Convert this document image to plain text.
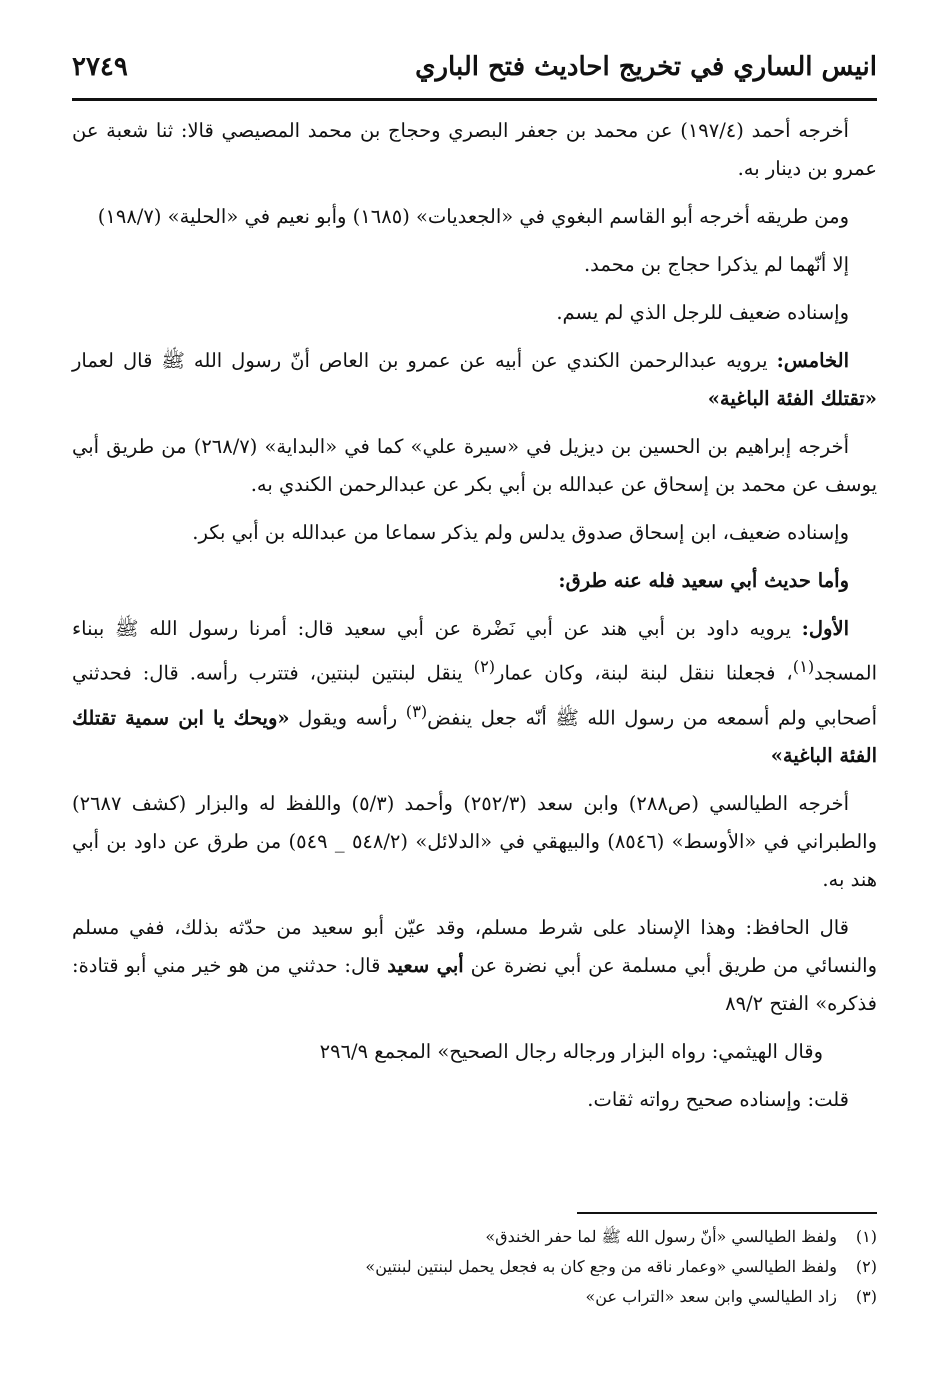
انيس الساري في تخريج احاديث فتح الباري
٢٧٤٩

أخرجه أحمد (١٩٧/٤) عن محمد بن جعفر البصري وحجاج بن محمد المصيصي قالا: ثنا شعبة عن عمرو بن دينار به.

ومن طريقه أخرجه أبو القاسم البغوي في «الجعديات» (١٦٨٥) وأبو نعيم في «الحلية» (١٩٨/٧)

إلا أنّهما لم يذكرا حجاج بن محمد.

وإسناده ضعيف للرجل الذي لم يسم.

الخامس: يرويه عبدالرحمن الكندي عن أبيه عن عمرو بن العاص أنّ رسول الله ﷺ قال لعمار «تقتلك الفئة الباغية»

أخرجه إبراهيم بن الحسين بن ديزيل في «سيرة علي» كما في «البداية» (٢٦٨/٧) من طريق أبي يوسف عن محمد بن إسحاق عن عبدالله بن أبي بكر عن عبدالرحمن الكندي به.

وإسناده ضعيف، ابن إسحاق صدوق يدلس ولم يذكر سماعا من عبدالله بن أبي بكر.

وأما حديث أبي سعيد فله عنه طرق:

الأول: يرويه داود بن أبي هند عن أبي نَضْرة عن أبي سعيد قال: أمرنا رسول الله ﷺ ببناء المسجد$^{(١)}$، فجعلنا ننقل لبنة لبنة، وكان عمار$^{(٢)}$ ينقل لبنتين لبنتين، فتترب رأسه. قال: فحدثني أصحابي ولم أسمعه من رسول الله ﷺ أنّه جعل ينفض$^{(٣)}$ رأسه ويقول «ويحك يا ابن سمية تقتلك الفئة الباغية»

أخرجه الطيالسي (ص٢٨٨) وابن سعد (٢٥٢/٣) وأحمد (٥/٣) واللفظ له والبزار (كشف ٢٦٨٧) والطبراني في «الأوسط» (٨٥٤٦) والبيهقي في «الدلائل» (٥٤٨/٢ _ ٥٤٩) من طرق عن داود بن أبي هند به.

قال الحافظ: وهذا الإسناد على شرط مسلم، وقد عيّن أبو سعيد من حدّثه بذلك، ففي مسلم والنسائي من طريق أبي مسلمة عن أبي نضرة عن أبي سعيد قال: حدثني من هو خير مني أبو قتادة: فذكره» الفتح ٨٩/٢

وقال الهيثمي: رواه البزار ورجاله رجال الصحيح» المجمع ٢٩٦/٩

قلت: وإسناده صحيح رواته ثقات.

(١)
ولفظ الطيالسي «أنّ رسول الله ﷺ لما حفر الخندق»
(٢)
ولفظ الطيالسي «وعمار ناقه من وجع كان به فجعل يحمل لبنتين لبنتين»
(٣)
زاد الطيالسي وابن سعد «التراب عن»
